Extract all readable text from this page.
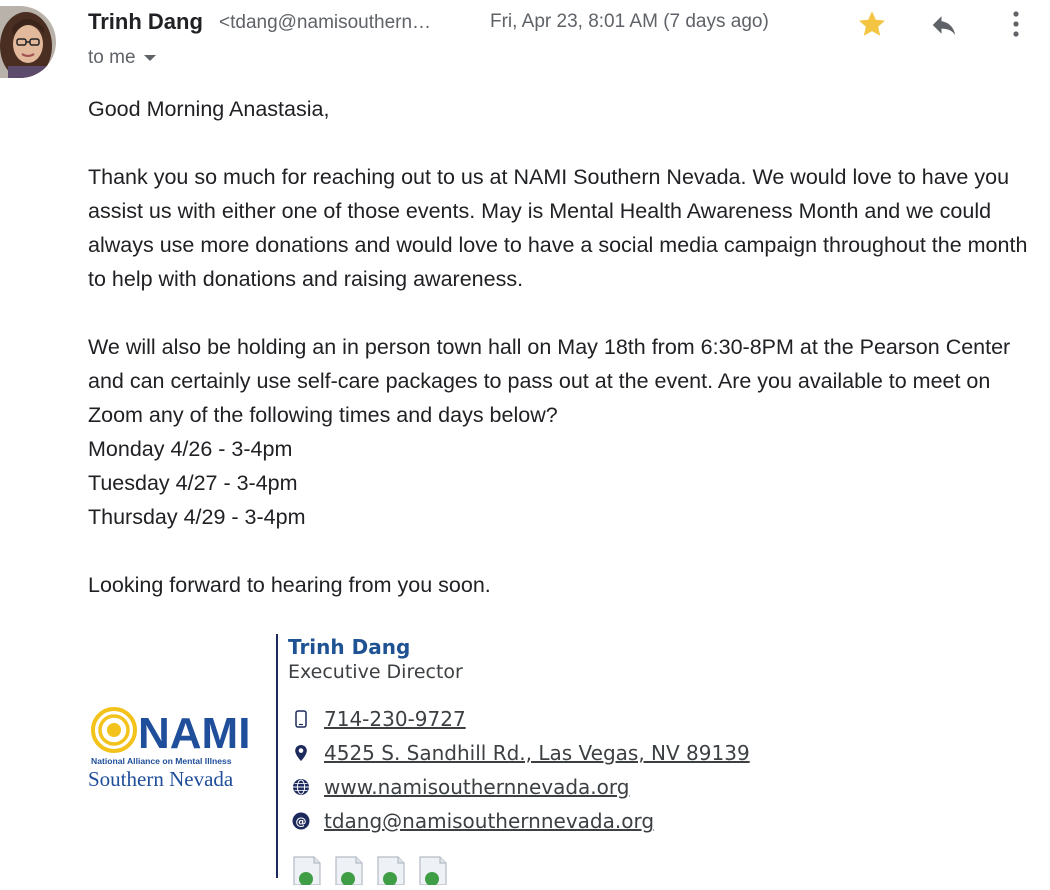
Trinh Dang <tdang@namisouthern…	Fri, Apr 23, 8:01 AM (7 days ago)
to me

Good Morning Anastasia,

Thank you so much for reaching out to us at NAMI Southern Nevada. We would love to have you assist us with either one of those events. May is Mental Health Awareness Month and we could always use more donations and would love to have a social media campaign throughout the month to help with donations and raising awareness.

We will also be holding an in person town hall on May 18th from 6:30-8PM at the Pearson Center and can certainly use self-care packages to pass out at the event. Are you available to meet on Zoom any of the following times and days below?

Monday 4/26 - 3-4pm

Tuesday 4/27 - 3-4pm

Thursday 4/29 - 3-4pm

Looking forward to hearing from you soon.

NAMI
National Alliance on Mental Illness
Southern Nevada
Trinh Dang
Executive Director
714-230-9727
4525 S. Sandhill Rd., Las Vegas, NV 89139
www.namisouthernnevada.org
@ tdang@namisouthernnevada.org
